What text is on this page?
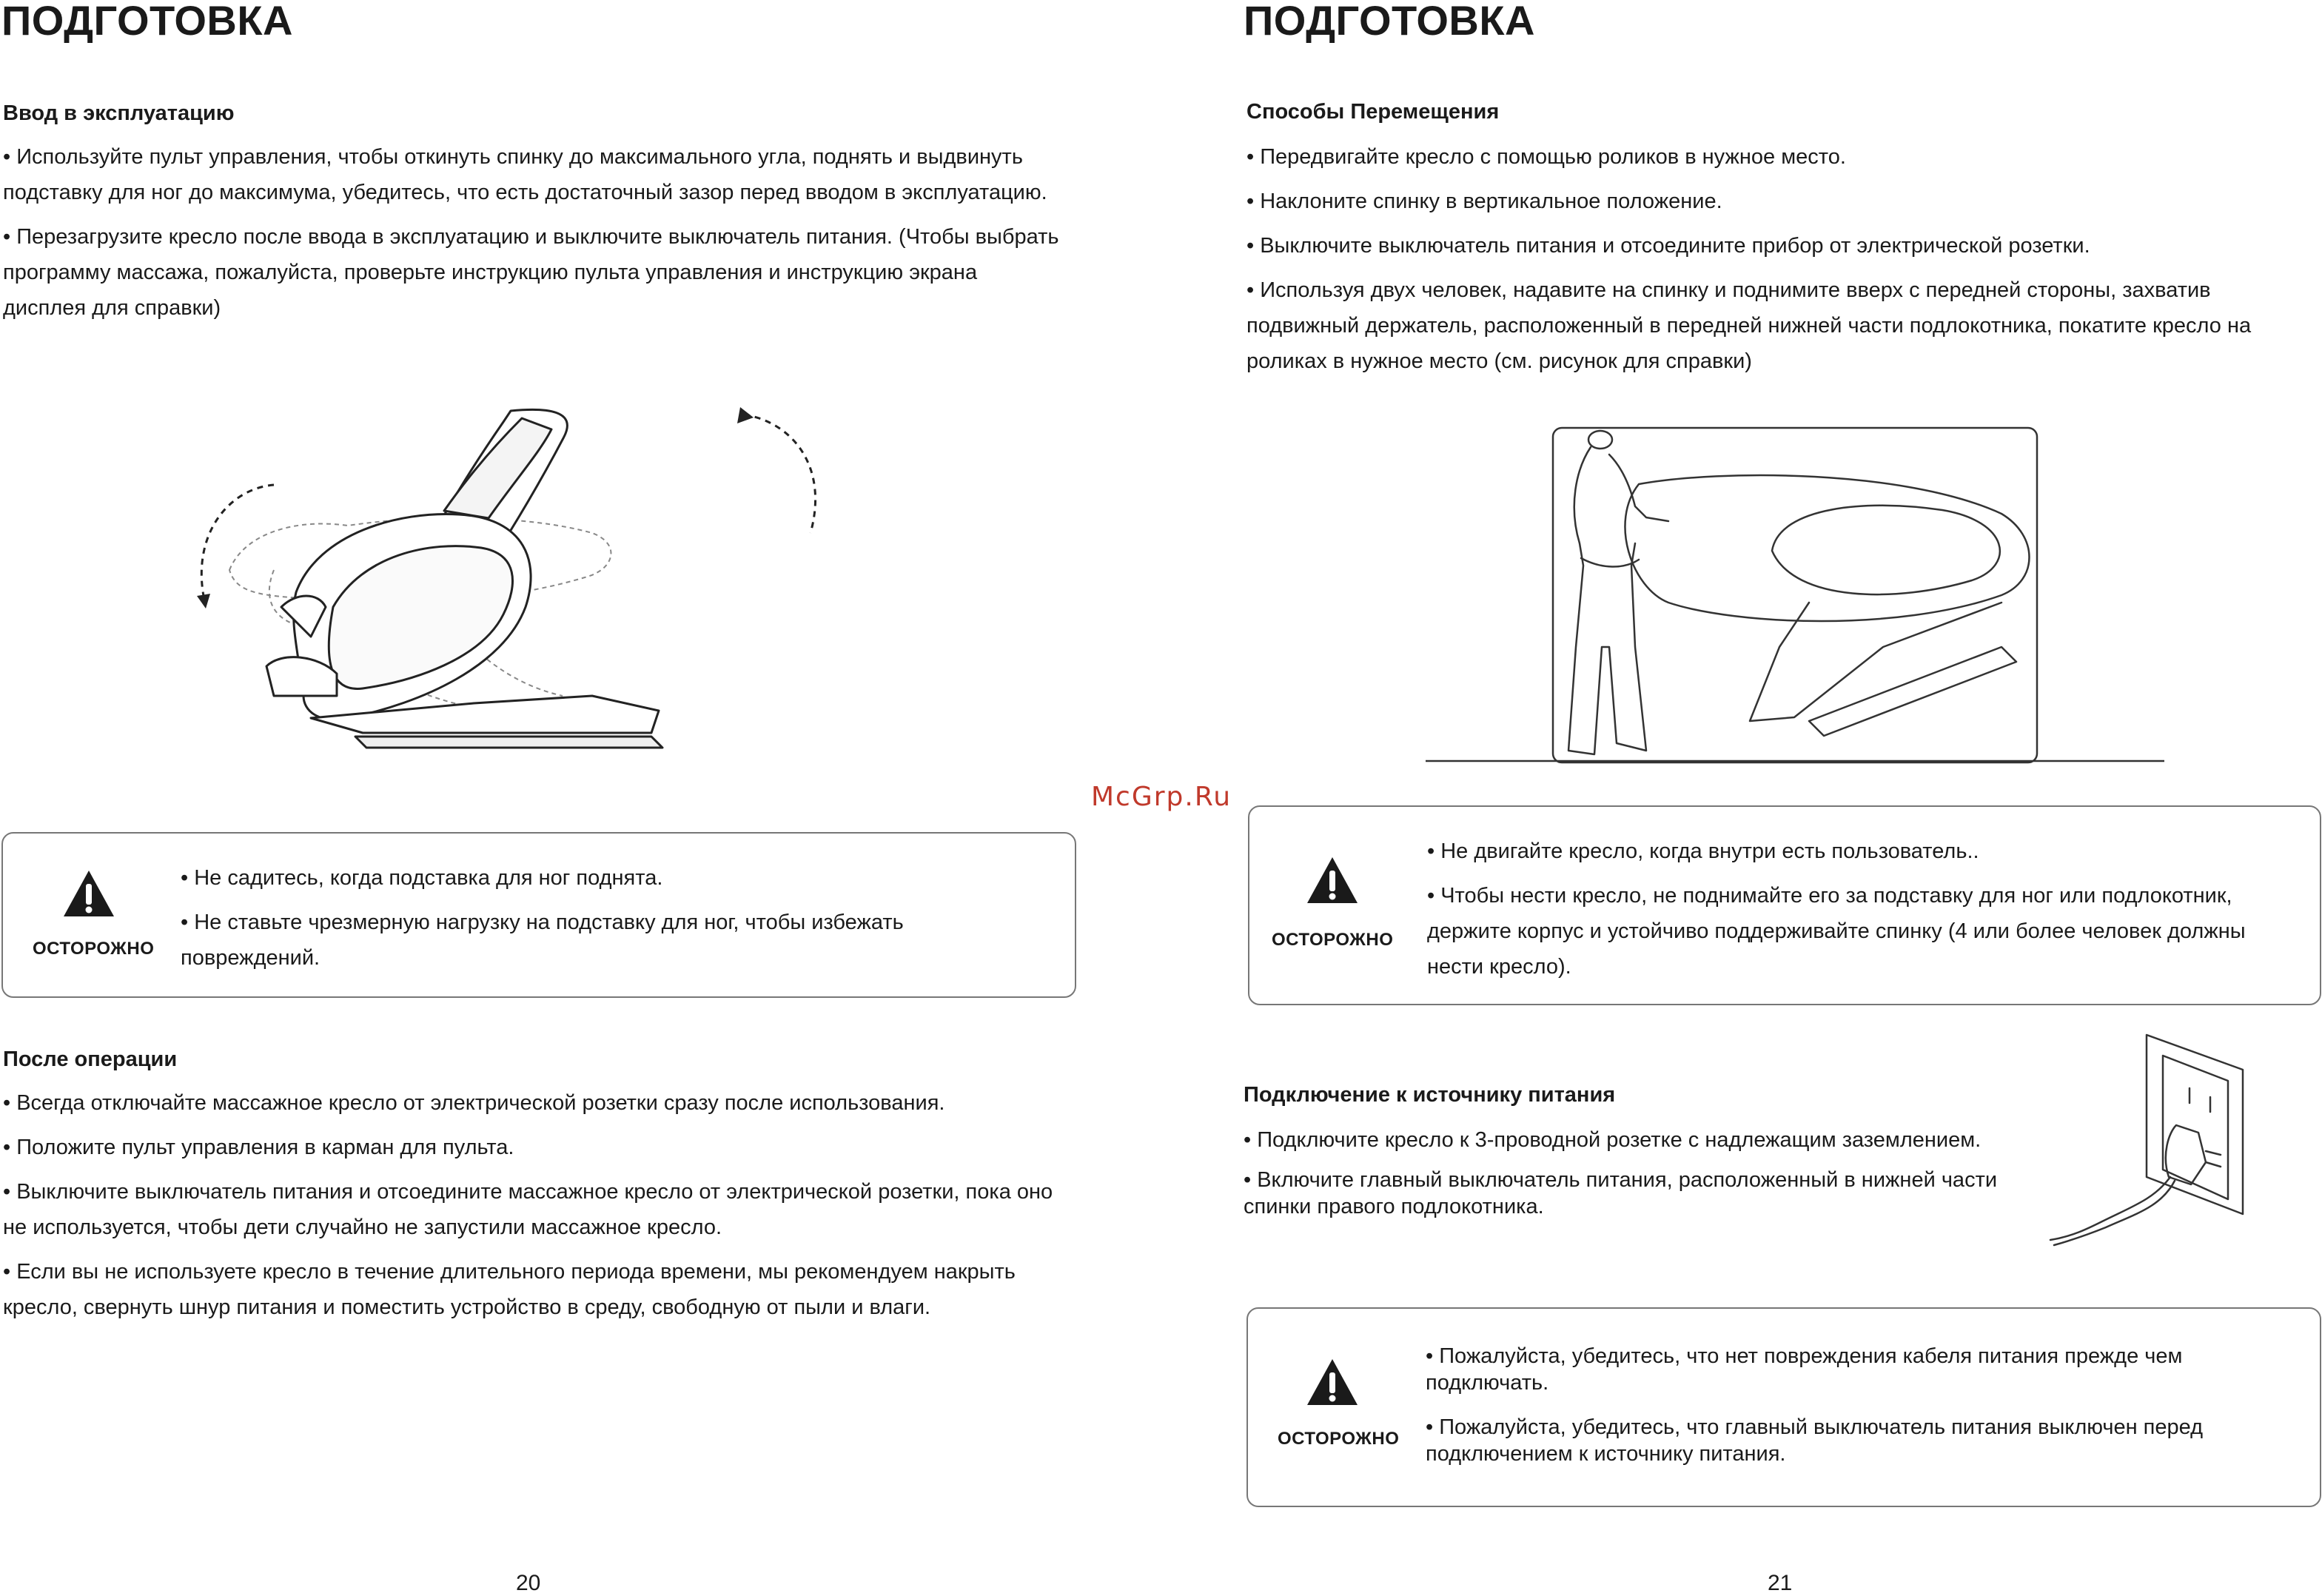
ПОДГОТОВКА
Ввод в эксплуатацию

• Используйте пульт управления, чтобы откинуть спинку до максимального угла, поднять и выдвинуть подставку для ног до максимума, убедитесь, что есть достаточный зазор перед вводом в эксплуатацию.

• Перезагрузите кресло после ввода в эксплуатацию и выключите выключатель питания. (Чтобы выбрать программу массажа, пожалуйста, проверьте инструкцию пульта управления и инструкцию экрана дисплея для справки)

ОСТОРОЖНО

• Не садитесь, когда подставка для ног поднята.

• Не ставьте чрезмерную нагрузку на подставку для ног, чтобы избежать повреждений.

После операции

• Всегда отключайте массажное кресло от электрической розетки сразу после использования.

• Положите пульт управления в карман для пульта.

• Выключите выключатель питания и отсоедините массажное кресло от электрической розетки, пока оно не используется, чтобы дети случайно не запустили массажное кресло.

• Если вы не используете кресло в течение длительного периода времени, мы рекомендуем накрыть кресло, свернуть шнур питания и поместить устройство в среду, свободную от пыли и влаги.

20
McGrp.Ru
ПОДГОТОВКА
Способы Перемещения

• Передвигайте кресло с помощью роликов в нужное место.

• Наклоните спинку в вертикальное положение.

• Выключите выключатель питания и отсоедините прибор от электрической розетки.

• Используя двух человек, надавите на спинку и поднимите вверх с передней стороны, захватив подвижный держатель, расположенный в передней нижней части подлокотника, покатите кресло на роликах в нужное место (см. рисунок для справки)

ОСТОРОЖНО

• Не двигайте кресло, когда внутри есть пользователь..

• Чтобы нести кресло, не поднимайте его за подставку для ног или подлокотник, держите корпус и устойчиво поддерживайте спинку (4 или более человек должны нести кресло).

Подключение к источнику питания

• Подключите кресло к 3-проводной розетке с надлежащим заземлением.

• Включите главный выключатель питания, расположенный в нижней части спинки правого подлокотника.

ОСТОРОЖНО

• Пожалуйста, убедитесь, что нет повреждения кабеля питания прежде чем подключать.

• Пожалуйста, убедитесь, что главный выключатель питания выключен перед подключением к источнику питания.

21
